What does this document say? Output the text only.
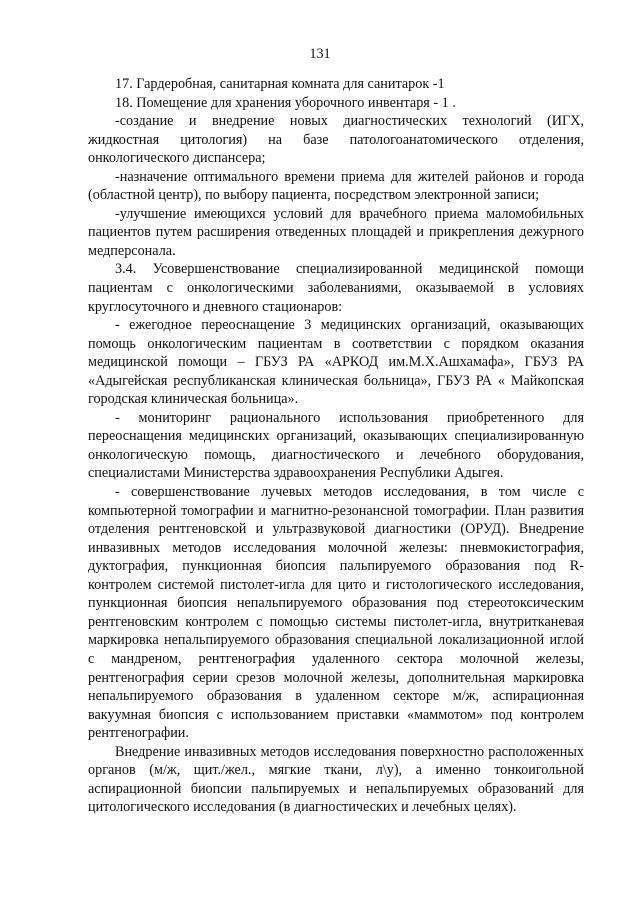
131

17. Гардеробная, санитарная комната для санитарок -1

18. Помещение для хранения уборочного инвентаря - 1 .

-создание и внедрение новых диагностических технологий (ИГХ, жидкостная цитология) на базе патологоанатомического отделения, онкологического диспансера;

-назначение оптимального времени приема для жителей районов и города (областной центр), по выбору пациента, посредством электронной записи;

-улучшение имеющихся условий для врачебного приема маломобильных пациентов путем расширения отведенных площадей и прикрепления дежурного медперсонала.

3.4. Усовершенствование специализированной медицинской помощи пациентам с онкологическими заболеваниями, оказываемой в условиях круглосуточного и дневного стационаров:

- ежегодное переоснащение 3 медицинских организаций, оказывающих помощь онкологическим пациентам в соответствии с порядком оказания медицинской помощи – ГБУЗ РА «АРКОД им.М.Х.Ашхамафа», ГБУЗ РА «Адыгейская республиканская клиническая больница», ГБУЗ РА « Майкопская городская клиническая больница».

- мониторинг рационального использования приобретенного для переоснащения медицинских организаций, оказывающих специализированную онкологическую помощь, диагностического и лечебного оборудования, специалистами Министерства здравоохранения Республики Адыгея.

- совершенствование лучевых методов исследования, в том числе с компьютерной томографии и магнитно-резонансной томографии. План развития отделения рентгеновской и ультразвуковой диагностики (ОРУД). Внедрение инвазивных методов исследования молочной железы: пневмокистография, дуктография, пункционная биопсия пальпируемого образования под R-контролем системой пистолет-игла для цито и гистологического исследования, пункционная биопсия непальпируемого образования под стереотоксическим рентгеновским контролем с помощью системы пистолет-игла, внутритканевая маркировка непальпируемого образования специальной локализационной иглой с мандреном, рентгенография удаленного сектора молочной железы, рентгенография серии срезов молочной железы, дополнительная маркировка непальпируемого образования в удаленном секторе м/ж, аспирационная вакуумная биопсия с использованием приставки «маммотом» под контролем рентгенографии.

Внедрение инвазивных методов исследования поверхностно расположенных органов (м/ж, щит./жел., мягкие ткани, л\у), а именно тонкоигольной аспирационной биопсии пальпируемых и непальпируемых образований для цитологического исследования (в диагностических и лечебных целях).
